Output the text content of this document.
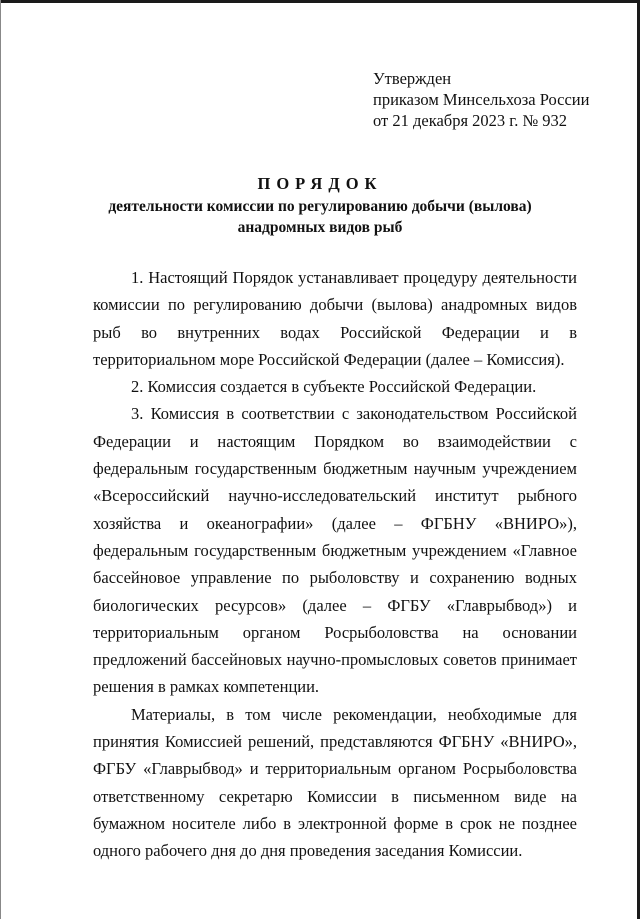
Утвержден
приказом Минсельхоза России
от 21 декабря 2023 г. № 932
ПОРЯДОК
деятельности комиссии по регулированию добычи (вылова)
анадромных видов рыб

1. Настоящий Порядок устанавливает процедуру деятельности комиссии по регулированию добычи (вылова) анадромных видов рыб во внутренних водах Российской Федерации и в территориальном море Российской Федерации (далее – Комиссия).

2. Комиссия создается в субъекте Российской Федерации.

3. Комиссия в соответствии с законодательством Российской Федерации и настоящим Порядком во взаимодействии с федеральным государственным бюджетным научным учреждением «Всероссийский научно-исследовательский институт рыбного хозяйства и океанографии» (далее – ФГБНУ «ВНИРО»), федеральным государственным бюджетным учреждением «Главное бассейновое управление по рыболовству и сохранению водных биологических ресурсов» (далее – ФГБУ «Главрыбвод») и территориальным органом Росрыболовства на основании предложений бассейновых научно-промысловых советов принимает решения в рамках компетенции.

Материалы, в том числе рекомендации, необходимые для принятия Комиссией решений, представляются ФГБНУ «ВНИРО», ФГБУ «Главрыбвод» и территориальным органом Росрыболовства ответственному секретарю Комиссии в письменном виде на бумажном носителе либо в электронной форме в срок не позднее одного рабочего дня до дня проведения заседания Комиссии.
